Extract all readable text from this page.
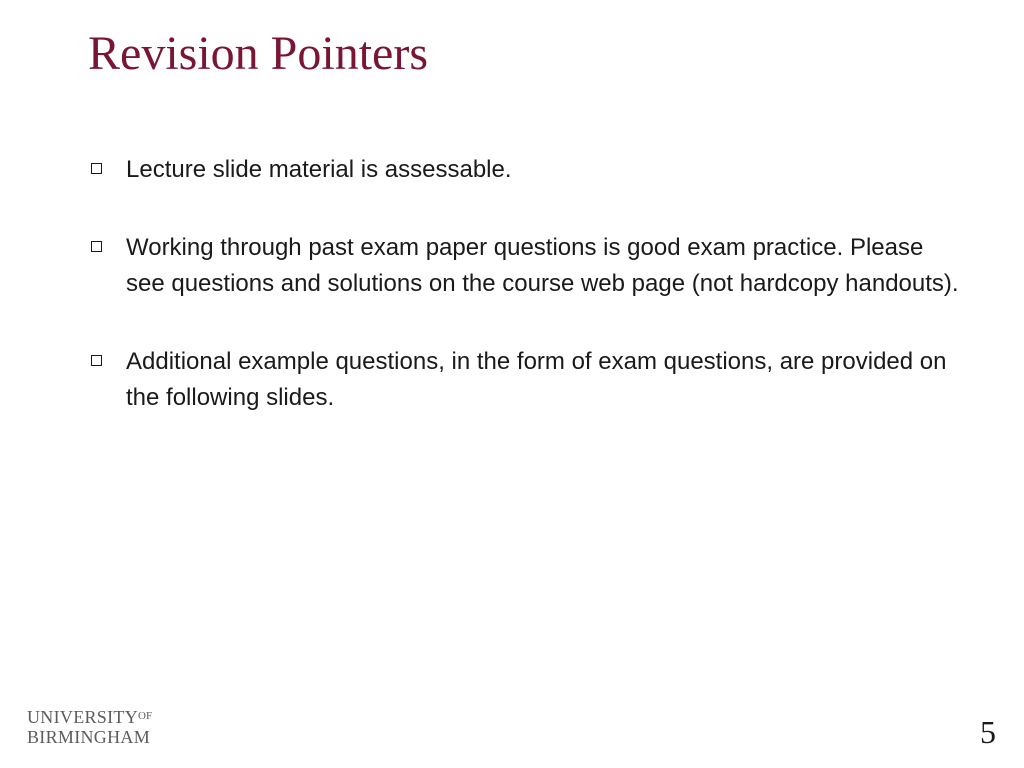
Revision Pointers
Lecture slide material is assessable.
Working through past exam paper questions is good exam practice. Please see questions and solutions on the course web page (not hardcopy handouts).
Additional example questions, in the form of exam questions, are provided on the following slides.
$UNIVERSITY^{OF}$
BIRMINGHAM	5
